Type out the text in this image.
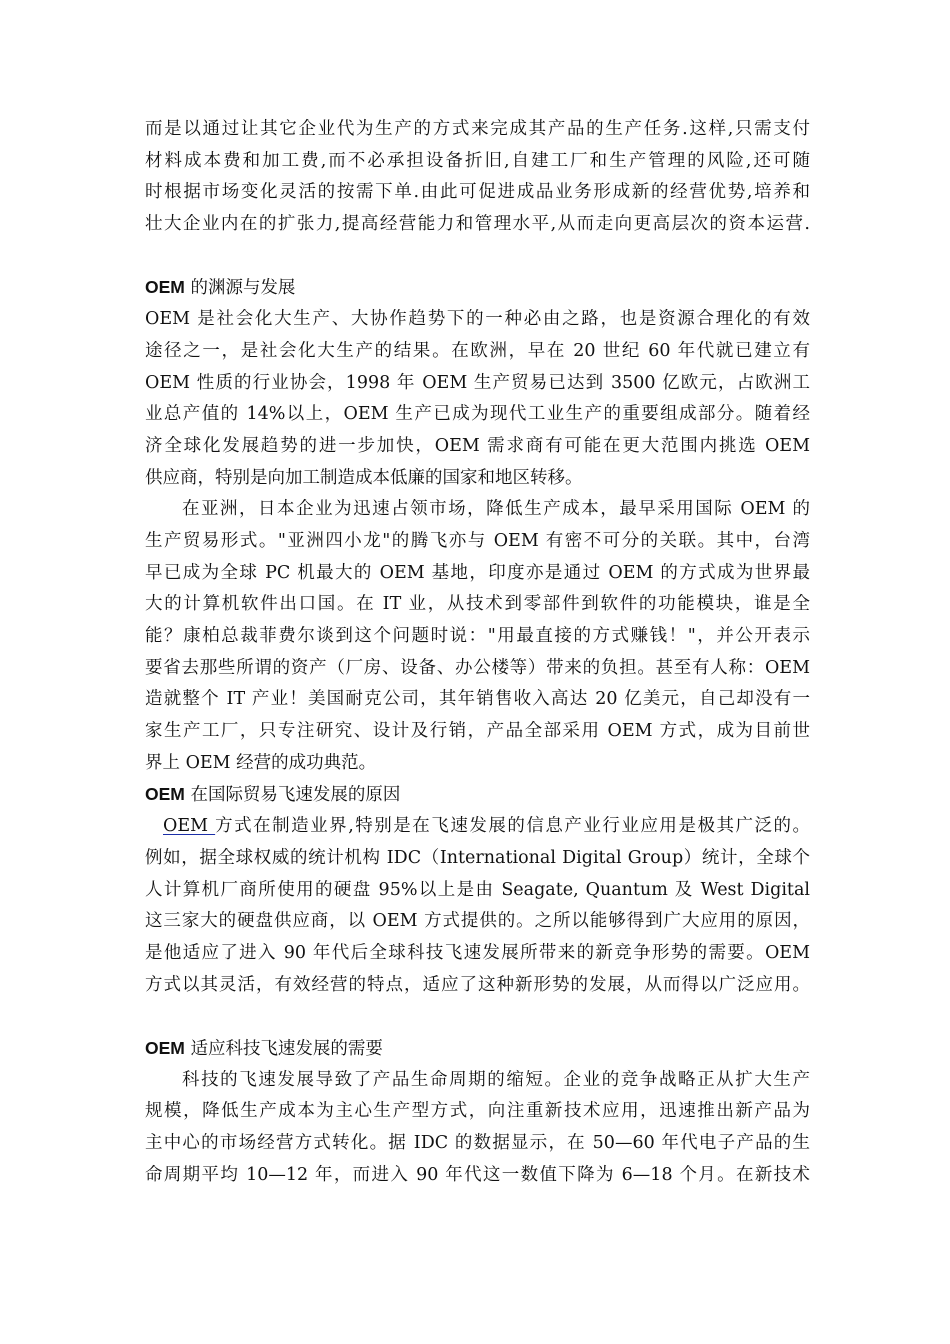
而是以通过让其它企业代为生产的方式来完成其产品的生产任务.这样,只需支付
材料成本费和加工费,而不必承担设备折旧,自建工厂和生产管理的风险,还可随
时根据市场变化灵活的按需下单.由此可促进成品业务形成新的经营优势,培养和
壮大企业内在的扩张力,提高经营能力和管理水平,从而走向更高层次的资本运营.
OEM 的渊源与发展
OEM 是社会化大生产、大协作趋势下的一种必由之路，也是资源合理化的有效
途径之一，是社会化大生产的结果。在欧洲，早在 20 世纪 60 年代就已建立有
OEM 性质的行业协会，1998 年 OEM 生产贸易已达到 3500 亿欧元，占欧洲工
业总产值的 14%以上，OEM 生产已成为现代工业生产的重要组成部分。随着经
济全球化发展趋势的进一步加快，OEM 需求商有可能在更大范围内挑选 OEM
供应商，特别是向加工制造成本低廉的国家和地区转移。
在亚洲，日本企业为迅速占领市场，降低生产成本，最早采用国际 OEM 的
生产贸易形式。"亚洲四小龙"的腾飞亦与 OEM 有密不可分的关联。其中，台湾
早已成为全球 PC 机最大的 OEM 基地，印度亦是通过 OEM 的方式成为世界最
大的计算机软件出口国。在 IT 业，从技术到零部件到软件的功能模块，谁是全
能？康柏总裁菲费尔谈到这个问题时说："用最直接的方式赚钱！"，并公开表示
要省去那些所谓的资产（厂房、设备、办公楼等）带来的负担。甚至有人称：OEM
造就整个 IT 产业！美国耐克公司，其年销售收入高达 20 亿美元，自己却没有一
家生产工厂，只专注研究、设计及行销，产品全部采用 OEM 方式，成为目前世
界上 OEM 经营的成功典范。
OEM 在国际贸易飞速发展的原因
OEM 方式在制造业界,特别是在飞速发展的信息产业行业应用是极其广泛的。
例如，据全球权威的统计机构 IDC（International Digital Group）统计，全球个
人计算机厂商所使用的硬盘 95%以上是由 Seagate, Quantum 及 West Digital
这三家大的硬盘供应商，以 OEM 方式提供的。之所以能够得到广大应用的原因，
是他适应了进入 90 年代后全球科技飞速发展所带来的新竞争形势的需要。OEM
方式以其灵活，有效经营的特点，适应了这种新形势的发展，从而得以广泛应用。
OEM 适应科技飞速发展的需要
科技的飞速发展导致了产品生命周期的缩短。企业的竞争战略正从扩大生产
规模，降低生产成本为主心生产型方式，向注重新技术应用，迅速推出新产品为
主中心的市场经营方式转化。据 IDC 的数据显示，在 50—60 年代电子产品的生
命周期平均 10—12 年，而进入 90 年代这一数值下降为 6—18 个月。在新技术
